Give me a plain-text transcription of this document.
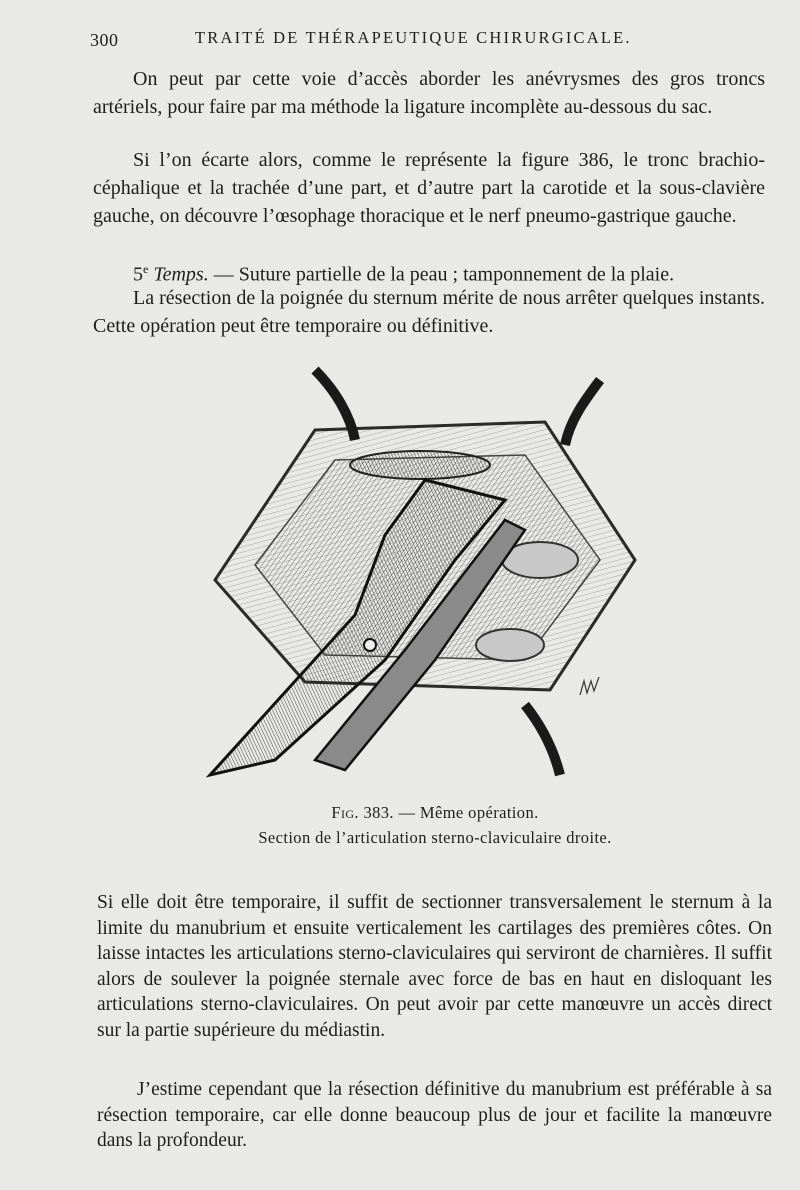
300	TRAITÉ DE THÉRAPEUTIQUE CHIRURGICALE.

On peut par cette voie d’accès aborder les anévrysmes des gros troncs artériels, pour faire par ma méthode la ligature incomplète au-dessous du sac.

Si l’on écarte alors, comme le représente la figure 386, le tronc brachio-céphalique et la trachée d’une part, et d’autre part la carotide et la sous-clavière gauche, on découvre l’œsophage thoracique et le nerf pneumo-gastrique gauche.

5e Temps. — Suture partielle de la peau ; tamponnement de la plaie.

La résection de la poignée du sternum mérite de nous arrêter quelques instants. Cette opération peut être temporaire ou définitive.

Fig. 383. — Même opération.
Section de l’articulation sterno-claviculaire droite.

Si elle doit être temporaire, il suffit de sectionner transversalement le sternum à la limite du manubrium et ensuite verticalement les cartilages des premières côtes. On laisse intactes les articulations sterno-claviculaires qui serviront de charnières. Il suffit alors de soulever la poignée sternale avec force de bas en haut en disloquant les articulations sterno-claviculaires. On peut avoir par cette manœuvre un accès direct sur la partie supérieure du médiastin.

J’estime cependant que la résection définitive du manubrium est préférable à sa résection temporaire, car elle donne beaucoup plus de jour et facilite la manœuvre dans la profondeur.
